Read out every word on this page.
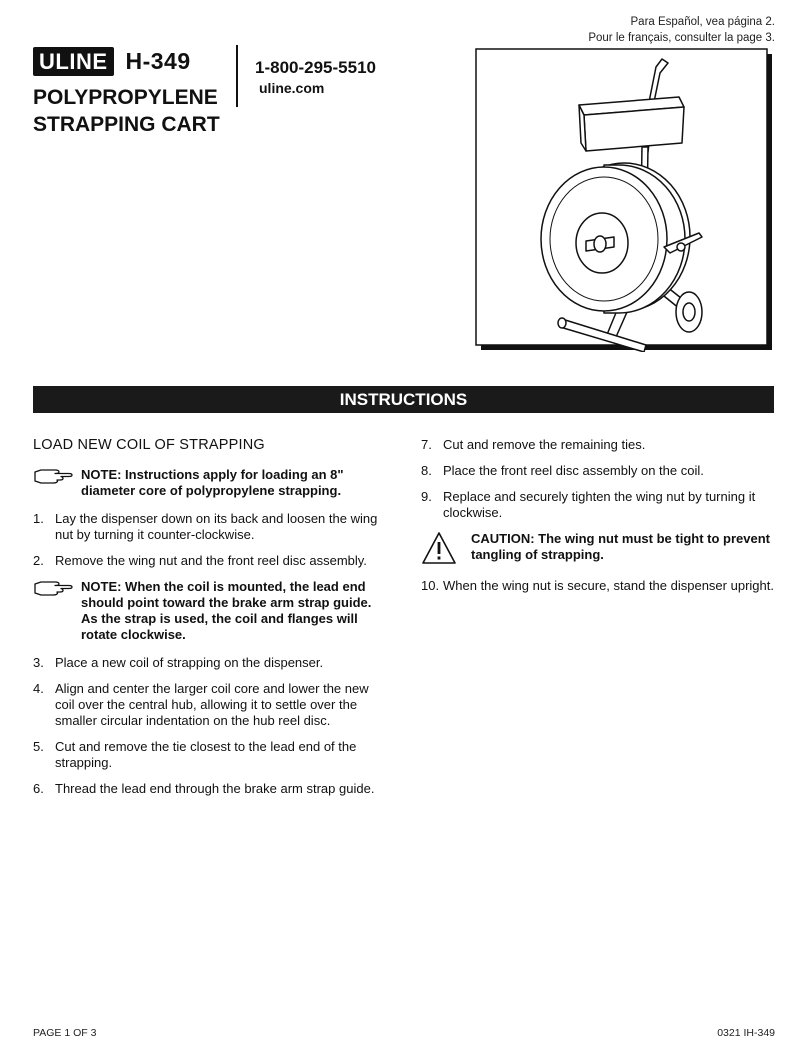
Para Español, vea página 2.
Pour le français, consulter la page 3.
ULINE H-349
POLYPROPYLENE
STRAPPING CART
1-800-295-5510
uline.com
INSTRUCTIONS
LOAD NEW COIL OF STRAPPING
NOTE: Instructions apply for loading an 8" diameter core of polypropylene strapping.
1. Lay the dispenser down on its back and loosen the wing nut by turning it counter-clockwise.
2. Remove the wing nut and the front reel disc assembly.
NOTE: When the coil is mounted, the lead end should point toward the brake arm strap guide. As the strap is used, the coil and flanges will rotate clockwise.
3. Place a new coil of strapping on the dispenser.
4. Align and center the larger coil core and lower the new coil over the central hub, allowing it to settle over the smaller circular indentation on the hub reel disc.
5. Cut and remove the tie closest to the lead end of the strapping.
6. Thread the lead end through the brake arm strap guide.
7. Cut and remove the remaining ties.
8. Place the front reel disc assembly on the coil.
9. Replace and securely tighten the wing nut by turning it clockwise.
CAUTION: The wing nut must be tight to prevent tangling of strapping.
10. When the wing nut is secure, stand the dispenser upright.
PAGE 1 OF 3	0321 IH-349
